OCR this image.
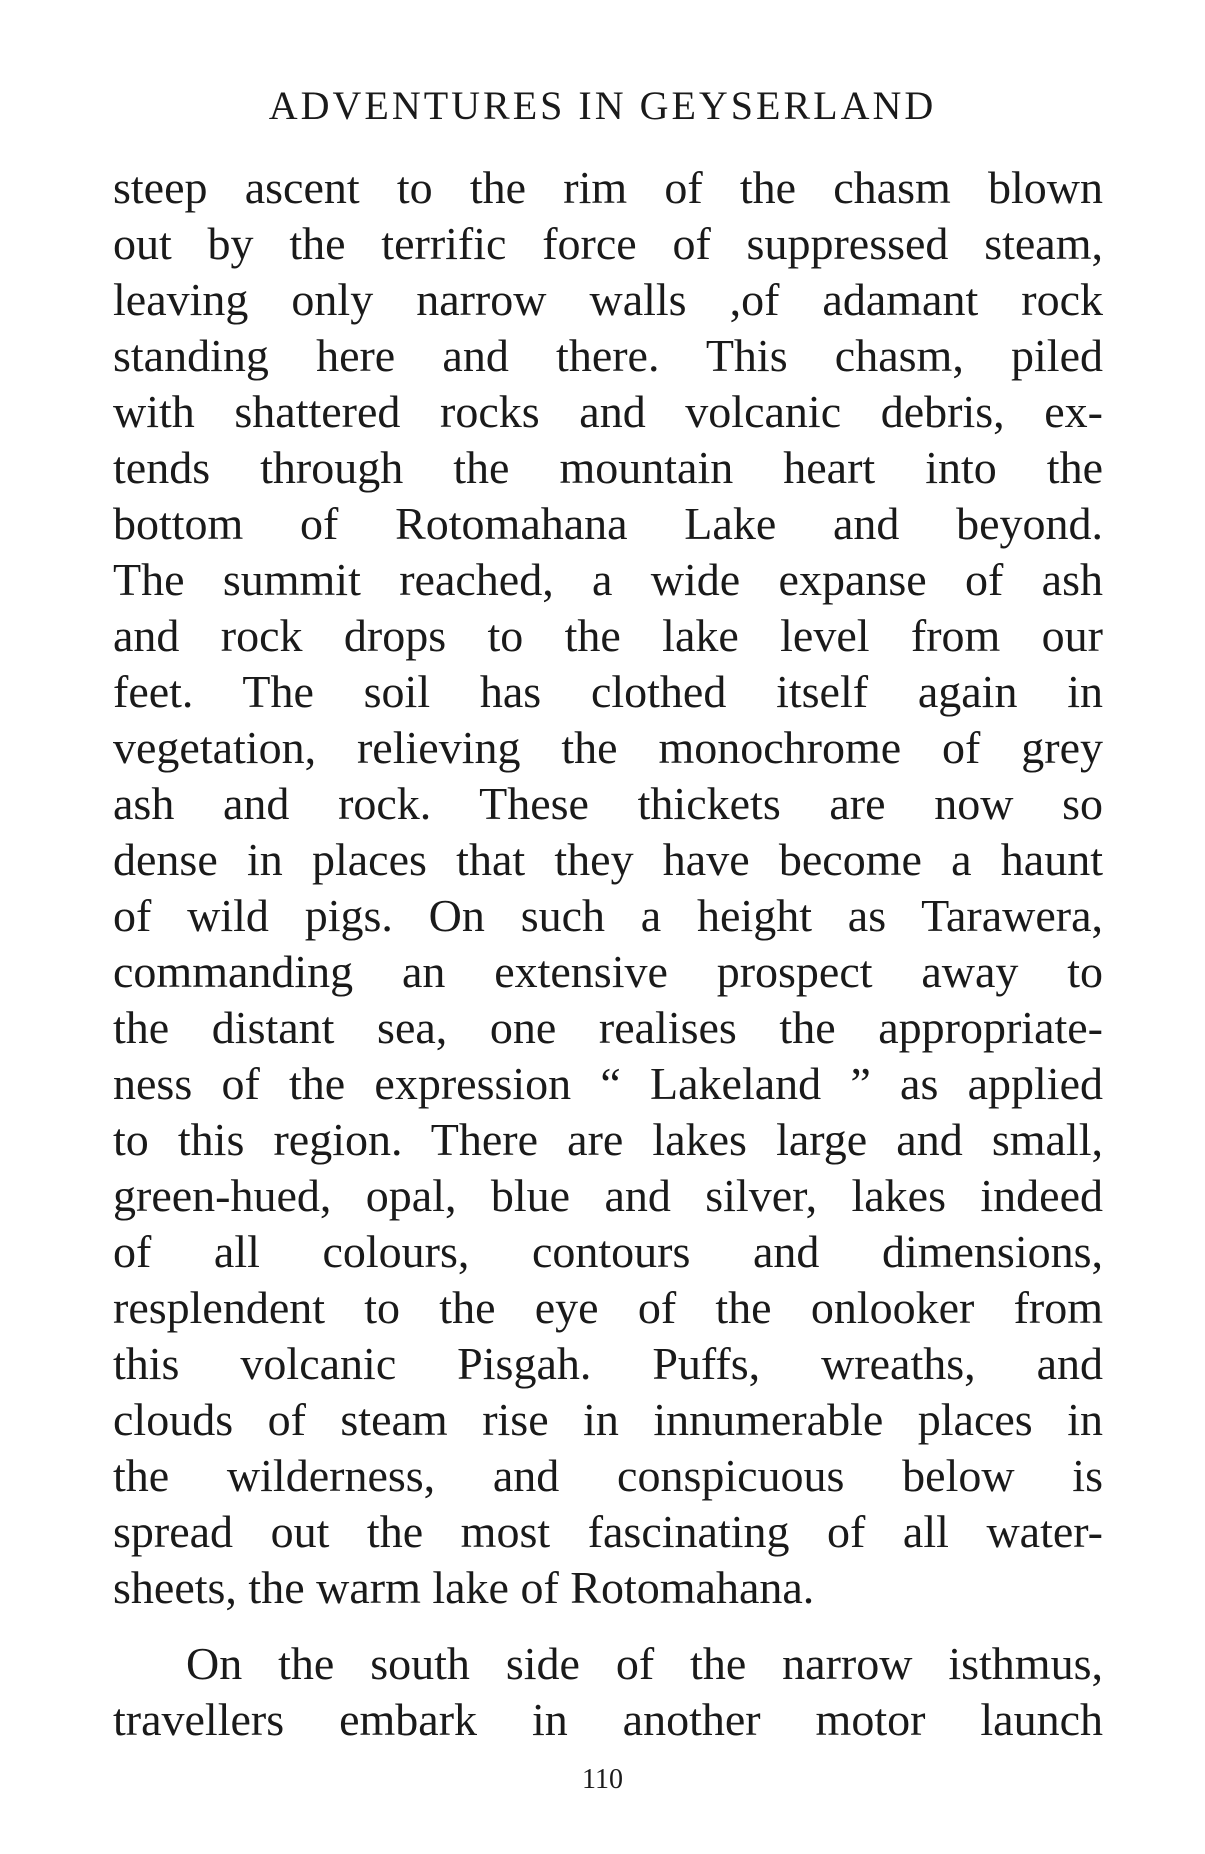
ADVENTURES IN GEYSERLAND
steep ascent to the rim of the chasm blown
out by the terrific force of suppressed steam,
leaving only narrow walls ,of adamant rock
standing here and there. This chasm, piled
with shattered rocks and volcanic debris, ex-
tends through the mountain heart into the
bottom of Rotomahana Lake and beyond.
The summit reached, a wide expanse of ash
and rock drops to the lake level from our
feet. The soil has clothed itself again in
vegetation, relieving the monochrome of grey
ash and rock. These thickets are now so
dense in places that they have become a haunt
of wild pigs. On such a height as Tarawera,
commanding an extensive prospect away to
the distant sea, one realises the appropriate-
ness of the expression “ Lakeland ” as applied
to this region. There are lakes large and small,
green-hued, opal, blue and silver, lakes indeed
of all colours, contours and dimensions,
resplendent to the eye of the onlooker from
this volcanic Pisgah. Puffs, wreaths, and
clouds of steam rise in innumerable places in
the wilderness, and conspicuous below is
spread out the most fascinating of all water-
sheets, the warm lake of Rotomahana.
On the south side of the narrow isthmus,
travellers embark in another motor launch
110
